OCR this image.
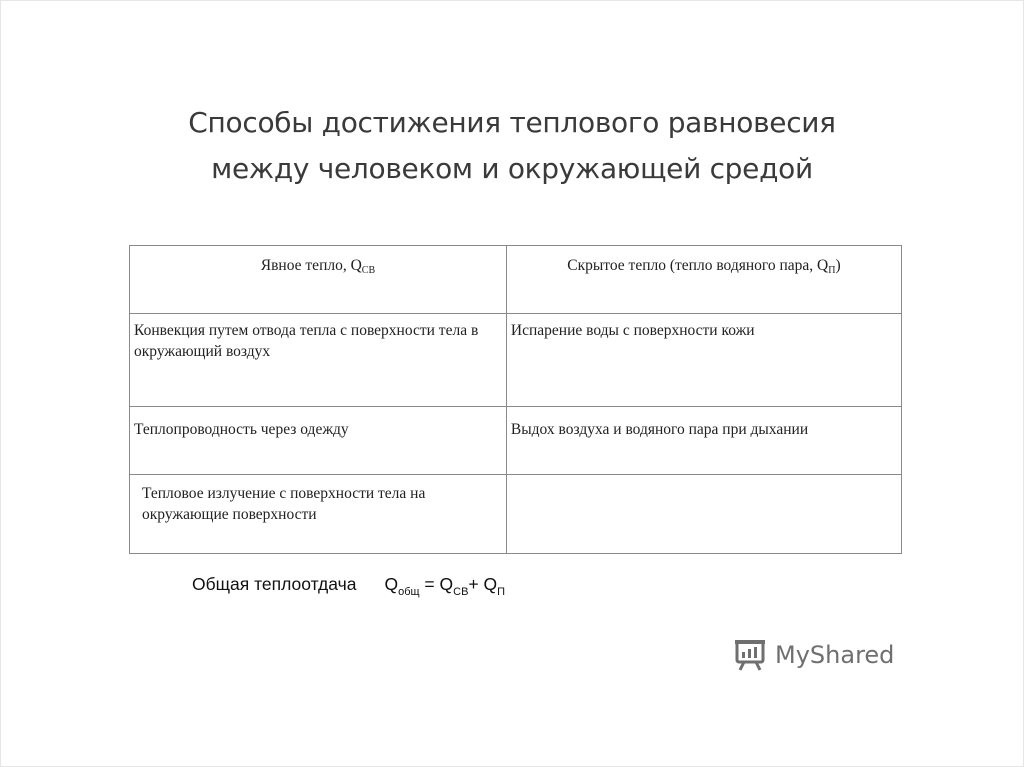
Способы достижения теплового равновесия
между человеком и окружающей средой
Явное тепло, $Q_{СВ}$	Скрытое тепло (тепло водяного пара, $Q_П$)
Конвекция путем отвода тепла с поверхности тела в окружающий воздух	Испарение воды с поверхности кожи
Теплопроводность через одежду	Выдох воздуха и водяного пара при дыхании
Тепловое излучение с поверхности тела на окружающие поверхности	
Общая теплоотдача $Q_{общ} = Q_{СВ}+ Q_П$
MyShared
